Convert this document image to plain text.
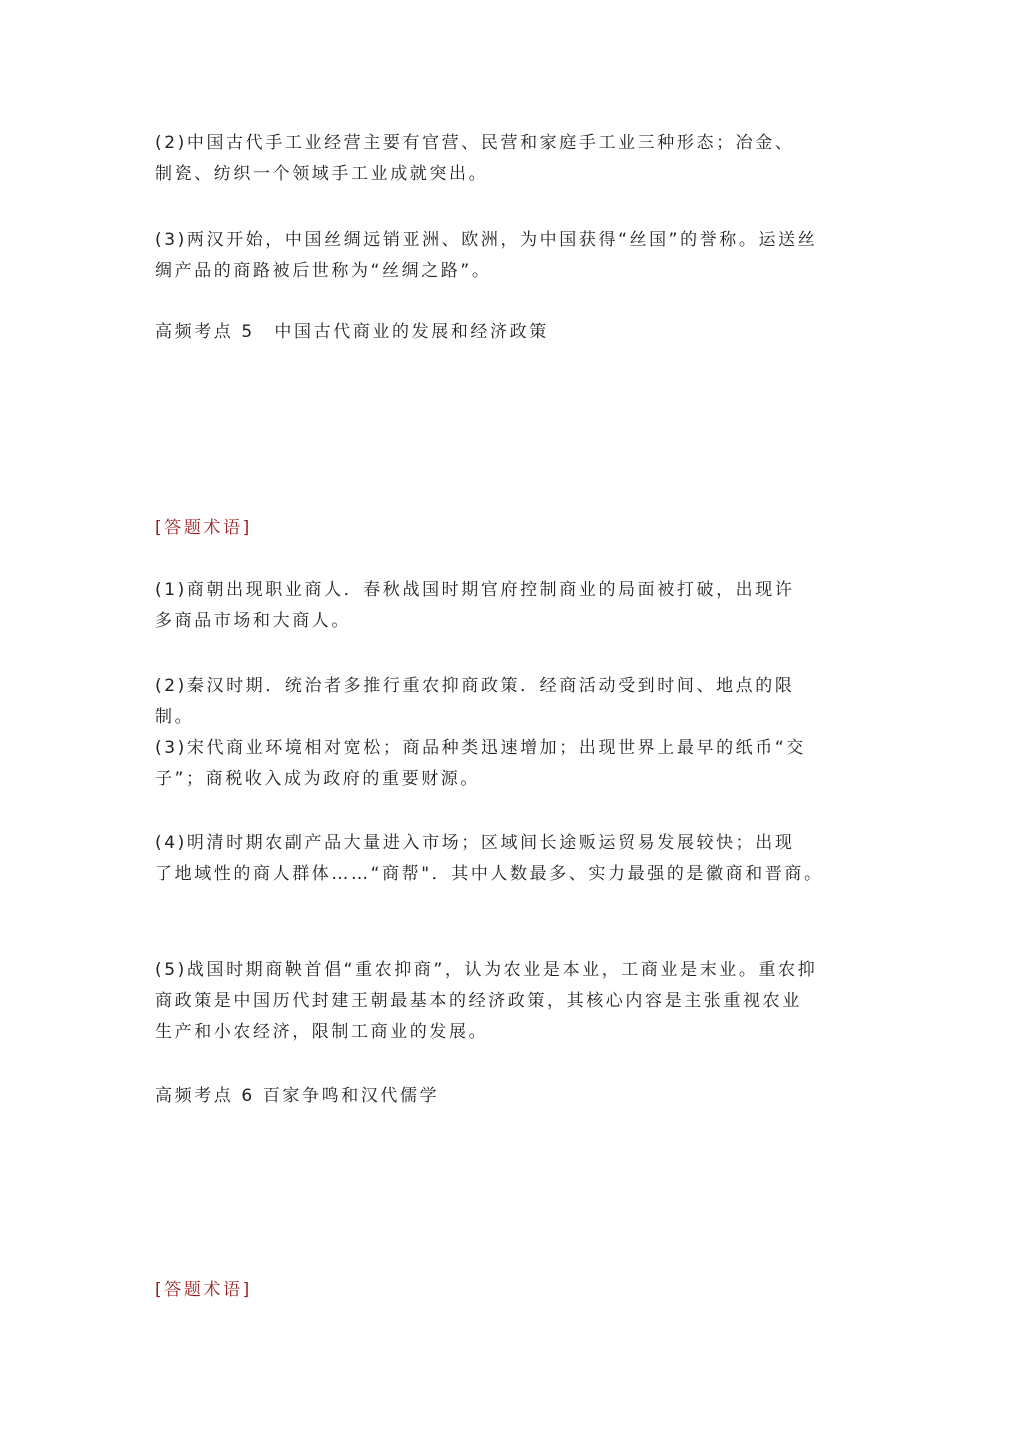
(2)中国古代手工业经营主要有官营、民营和家庭手工业三种形态；冶金、
制瓷、纺织一个领域手工业成就突出。
(3)两汉开始，中国丝绸远销亚洲、欧洲，为中国获得“丝国”的誉称。运送丝
绸产品的商路被后世称为“丝绸之路”。
高频考点 5　中国古代商业的发展和经济政策
[答题术语]
(1)商朝出现职业商人．春秋战国时期官府控制商业的局面被打破，出现许
多商品市场和大商人。
(2)秦汉时期．统治者多推行重农抑商政策．经商活动受到时间、地点的限
制。
(3)宋代商业环境相对宽松；商品种类迅速增加；出现世界上最早的纸币“交
子”；商税收入成为政府的重要财源。
(4)明清时期农副产品大量进入市场；区域间长途贩运贸易发展较快；出现
了地域性的商人群体……“商帮"．其中人数最多、实力最强的是徽商和晋商。
(5)战国时期商鞅首倡“重农抑商”，认为农业是本业，工商业是末业。重农抑
商政策是中国历代封建王朝最基本的经济政策，其核心内容是主张重视农业
生产和小农经济，限制工商业的发展。
高频考点 6 百家争鸣和汉代儒学
[答题术语]
